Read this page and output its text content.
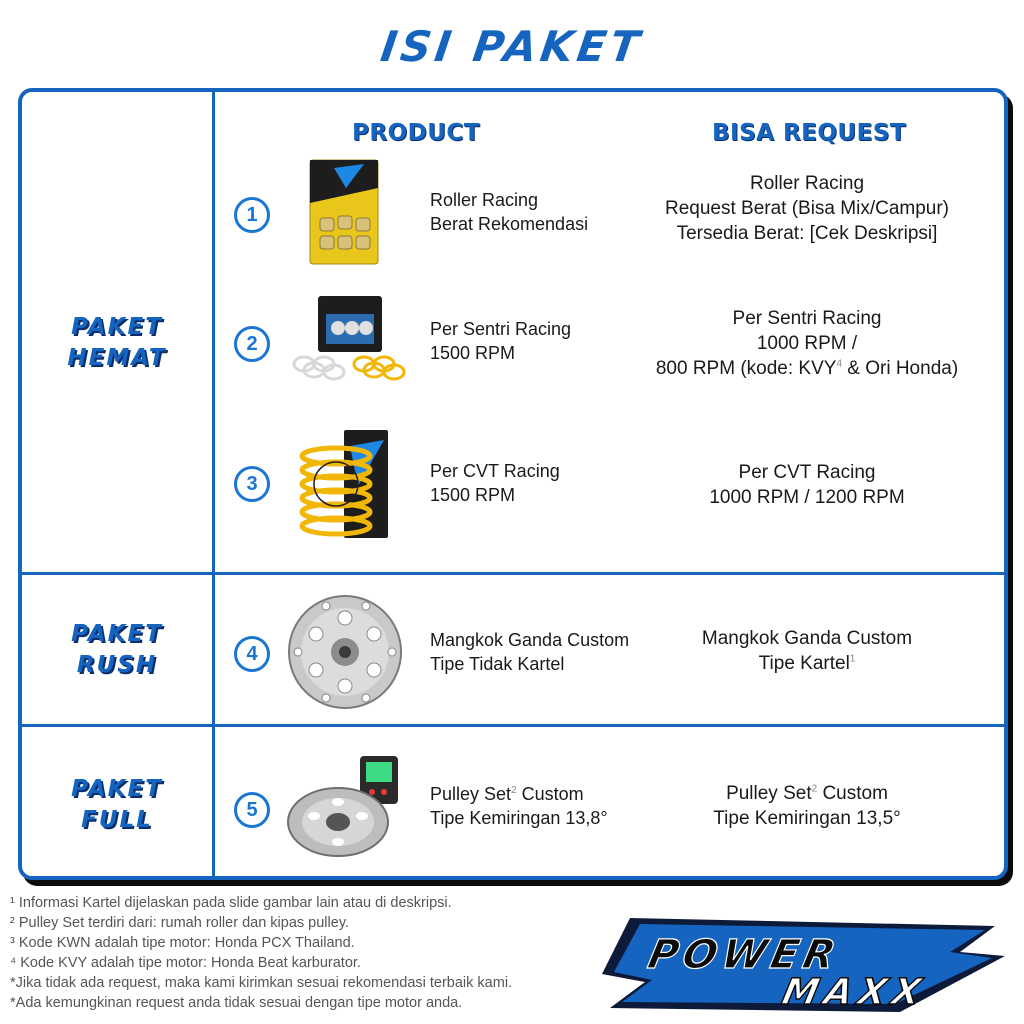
ISI PAKET
PAKET
HEMAT
PAKET
RUSH
PAKET
FULL
PRODUCT	BISA REQUEST
1
Roller Racing
Berat Rekomendasi
Roller Racing
Request Berat (Bisa Mix/Campur)
Tersedia Berat: [Cek Deskripsi]
2
Per Sentri Racing
1500 RPM
Per Sentri Racing
1000 RPM /
800 RPM (kode: KVY$^4$ & Ori Honda)
3
Per CVT Racing
1500 RPM
Per CVT Racing
1000 RPM / 1200 RPM
4
Mangkok Ganda Custom
Tipe Tidak Kartel
Mangkok Ganda Custom
Tipe Kartel$^1$
5
Pulley Set$^2$ Custom
Tipe Kemiringan 13,8°
Pulley Set$^2$ Custom
Tipe Kemiringan 13,5°
¹ Informasi Kartel dijelaskan pada slide gambar lain atau di deskripsi.
² Pulley Set terdiri dari: rumah roller dan kipas pulley.
³ Kode KWN adalah tipe motor: Honda PCX Thailand.
⁴ Kode KVY adalah tipe motor: Honda Beat karburator.
*Jika tidak ada request, maka kami kirimkan sesuai rekomendasi terbaik kami.
*Ada kemungkinan request anda tidak sesuai dengan tipe motor anda.
POWER
MAXX
